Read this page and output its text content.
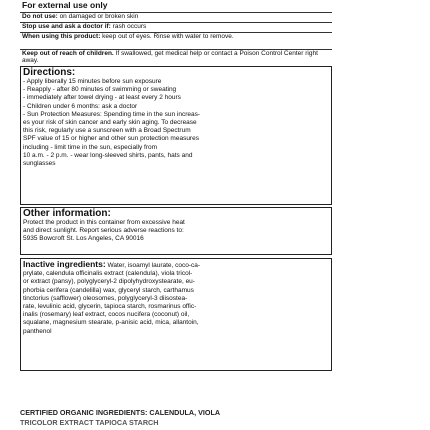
For external use only
Do not use: on damaged or broken skin
Stop use and ask a doctor if: rash occurs
When using this product: keep out of eyes. Rinse with water to remove.
Keep out of reach of children. If swallowed, get medical help or contact a Poison Control Center right away.
Directions:

- Apply liberally 15 minutes before sun exposure

- Reapply - after 80 minutes of swimming or sweating

- immediately after towel drying - at least every 2 hours

- Children under 6 months: ask a doctor

- Sun Protection Measures: Spending time in the sun increas-

es your risk of skin cancer and early skin aging. To decrease

this risk, regularly use a sunscreen with a Broad Spectrum

SPF value of 15 or higher and other sun protection measures

including - limit time in the sun, especially from

10 a.m. - 2 p.m. - wear long-sleeved shirts, pants, hats and

sunglasses

Other information:

Protect the product in this container from excessive heat

and direct sunlight. Report serious adverse reactions to:

5935 Bowcroft St. Los Angeles, CA 90016

Inactive ingredients: Water, isoamyl laurate, coco-ca-

prylate, calendula officinalis extract (calendula), viola tricol-

or extract (pansy), polyglyceryl-2 dipolyhydroxystearate, eu-

phorbia cerifera (candelilla) wax, glyceryl starch, carthamus

tinctorius (safflower) oleosomes, polyglyceryl-3 diisostea-

rate, levulinic acid, glycerin, tapioca starch, rosmarinus offic-

inalis (rosemary) leaf extract, cocos nucifera (coconut) oil,

squalane, magnesium stearate, p-anisic acid, mica, allantoin,

panthenol

CERTIFIED ORGANIC INGREDIENTS: CALENDULA, VIOLA
TRICOLOR EXTRACT TAPIOCA STARCH
